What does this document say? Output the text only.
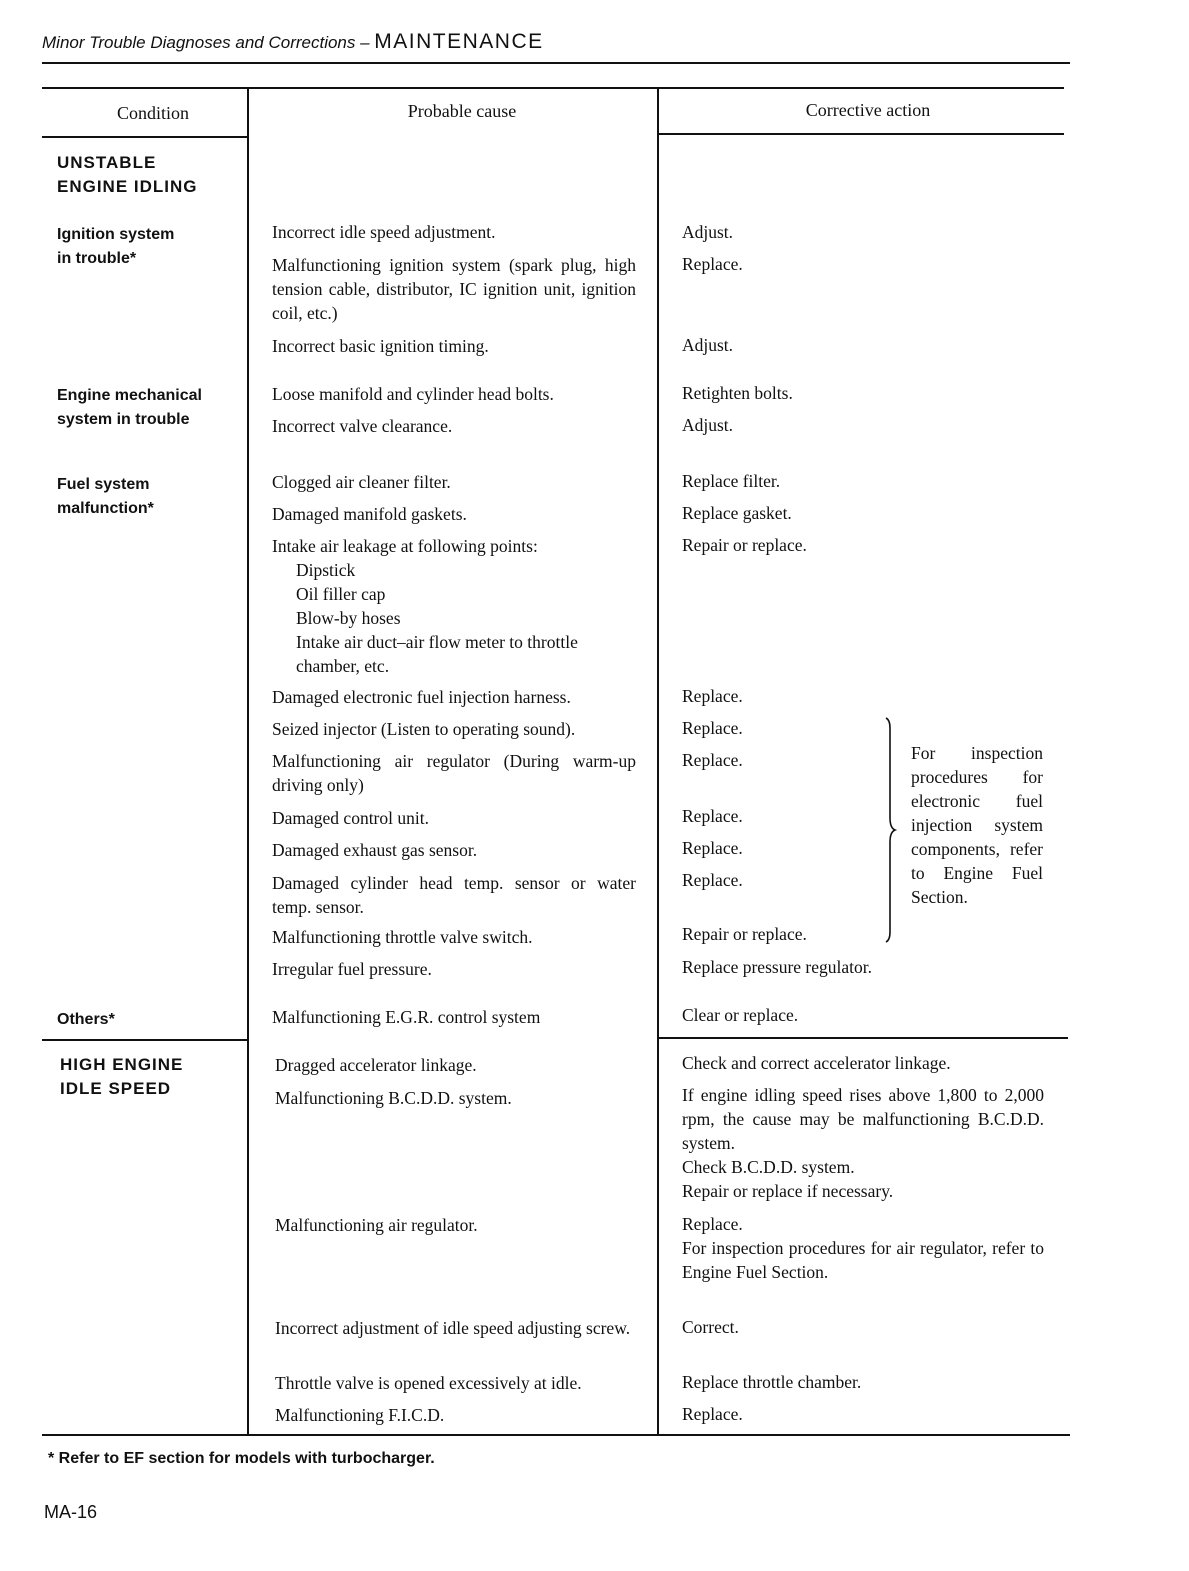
Minor Trouble Diagnoses and Corrections – MAINTENANCE
Condition	Probable cause	Corrective action
UNSTABLE
ENGINE IDLING
Ignition system
in trouble*
Engine mechanical
system in trouble
Fuel system
malfunction*
Others*
HIGH ENGINE
IDLE SPEED
Incorrect idle speed adjustment.
Malfunctioning ignition system (spark plug, high tension cable, distributor, IC ignition unit, ignition coil, etc.)
Incorrect basic ignition timing.
Loose manifold and cylinder head bolts.
Incorrect valve clearance.
Clogged air cleaner filter.
Damaged manifold gaskets.
Intake air leakage at following points:
Dipstick
Oil filler cap
Blow-by hoses
Intake air duct–air flow meter to throttle chamber, etc.
Damaged electronic fuel injection harness.
Seized injector (Listen to operating sound).
Malfunctioning air regulator (During warm-up driving only)
Damaged control unit.
Damaged exhaust gas sensor.
Damaged cylinder head temp. sensor or water temp. sensor.
Malfunctioning throttle valve switch.
Irregular fuel pressure.
Malfunctioning E.G.R. control system
Dragged accelerator linkage.
Malfunctioning B.C.D.D. system.
Malfunctioning air regulator.
Incorrect adjustment of idle speed adjusting screw.
Throttle valve is opened excessively at idle.
Malfunctioning F.I.C.D.
Adjust.
Replace.
Adjust.
Retighten bolts.
Adjust.
Replace filter.
Replace gasket.
Repair or replace.
Replace.
Replace.
Replace.
Replace.
Replace.
Replace.
Repair or replace.
Replace pressure regulator.
Clear or replace.
Check and correct accelerator linkage.
If engine idling speed rises above 1,800 to 2,000 rpm, the cause may be malfunctioning B.C.D.D. system.
Check B.C.D.D. system.
Repair or replace if necessary.
Replace.
For inspection procedures for air regulator, refer to Engine Fuel Section.
Correct.
Replace throttle chamber.
Replace.
For inspection procedures for electronic fuel injection system components, refer to Engine Fuel Section.
* Refer to EF section for models with turbocharger.
MA-16
